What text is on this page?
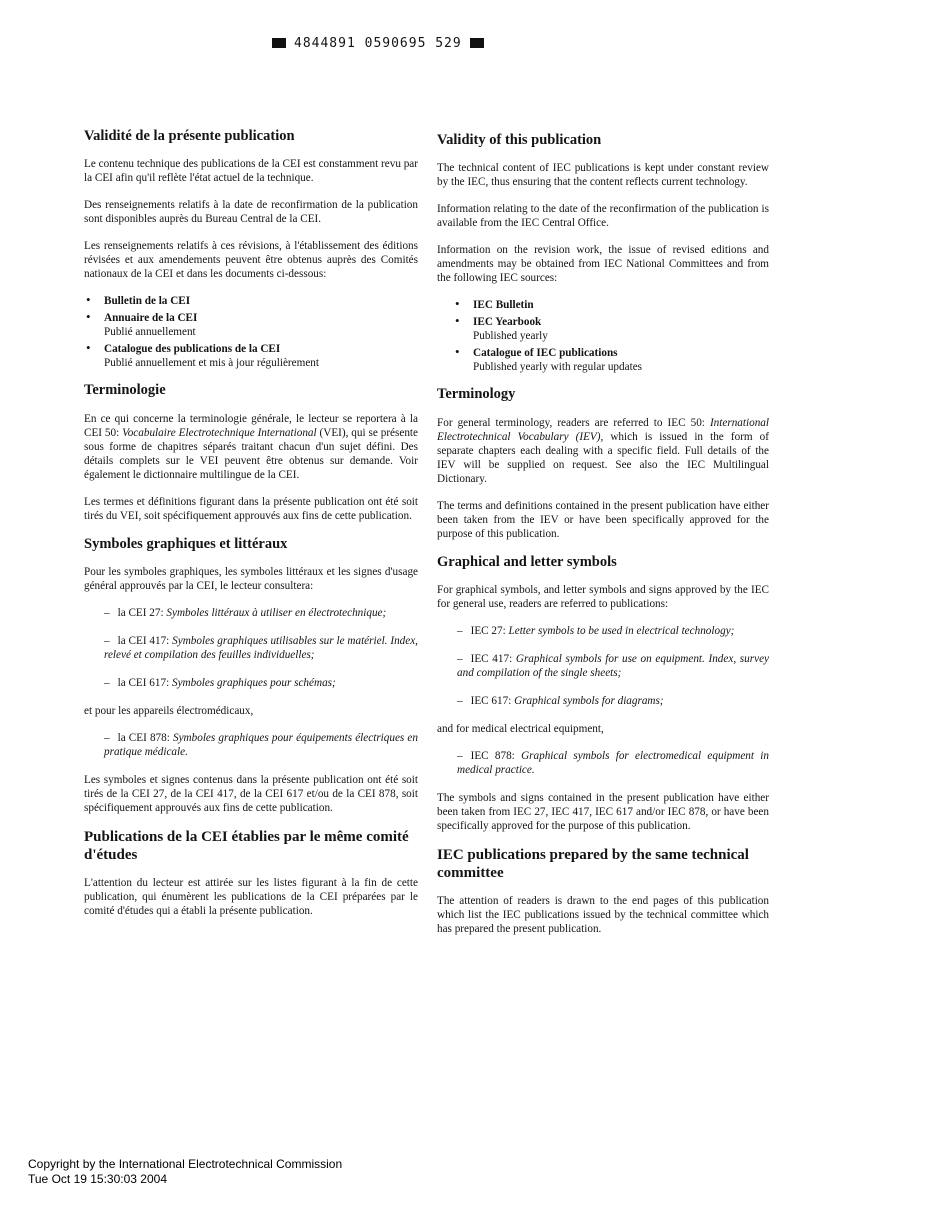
4844891 0590695 529
Validité de la présente publication

Le contenu technique des publications de la CEI est constamment revu par la CEI afin qu'il reflète l'état actuel de la technique.

Des renseignements relatifs à la date de reconfirmation de la publication sont disponibles auprès du Bureau Central de la CEI.

Les renseignements relatifs à ces révisions, à l'établissement des éditions révisées et aux amendements peuvent être obtenus auprès des Comités nationaux de la CEI et dans les documents ci-dessous:

• Bulletin de la CEI
• Annuaire de la CEI
Publié annuellement
• Catalogue des publications de la CEI
Publié annuellement et mis à jour régulièrement
Terminologie

En ce qui concerne la terminologie générale, le lecteur se reportera à la CEI 50: Vocabulaire Electrotechnique International (VEI), qui se présente sous forme de chapitres séparés traitant chacun d'un sujet défini. Des détails complets sur le VEI peuvent être obtenus sur demande. Voir également le dictionnaire multilingue de la CEI.

Les termes et définitions figurant dans la présente publication ont été soit tirés du VEI, soit spécifiquement approuvés aux fins de cette publication.

Symboles graphiques et littéraux

Pour les symboles graphiques, les symboles littéraux et les signes d'usage général approuvés par la CEI, le lecteur consultera:

– la CEI 27: Symboles littéraux à utiliser en électrotechnique;
– la CEI 417: Symboles graphiques utilisables sur le matériel. Index, relevé et compilation des feuilles individuelles;
– la CEI 617: Symboles graphiques pour schémas;

et pour les appareils électromédicaux,

– la CEI 878: Symboles graphiques pour équipements électriques en pratique médicale.

Les symboles et signes contenus dans la présente publication ont été soit tirés de la CEI 27, de la CEI 417, de la CEI 617 et/ou de la CEI 878, soit spécifiquement approuvés aux fins de cette publication.

Publications de la CEI établies par le même comité d'études

L'attention du lecteur est attirée sur les listes figurant à la fin de cette publication, qui énumèrent les publications de la CEI préparées par le comité d'études qui a établi la présente publication.

Validity of this publication

The technical content of IEC publications is kept under constant review by the IEC, thus ensuring that the content reflects current technology.

Information relating to the date of the reconfirmation of the publication is available from the IEC Central Office.

Information on the revision work, the issue of revised editions and amendments may be obtained from IEC National Committees and from the following IEC sources:

• IEC Bulletin
• IEC Yearbook
Published yearly
• Catalogue of IEC publications
Published yearly with regular updates
Terminology

For general terminology, readers are referred to IEC 50: International Electrotechnical Vocabulary (IEV), which is issued in the form of separate chapters each dealing with a specific field. Full details of the IEV will be supplied on request. See also the IEC Multilingual Dictionary.

The terms and definitions contained in the present publication have either been taken from the IEV or have been specifically approved for the purpose of this publication.

Graphical and letter symbols

For graphical symbols, and letter symbols and signs approved by the IEC for general use, readers are referred to publications:

– IEC 27: Letter symbols to be used in electrical technology;
– IEC 417: Graphical symbols for use on equipment. Index, survey and compilation of the single sheets;
– IEC 617: Graphical symbols for diagrams;

and for medical electrical equipment,

– IEC 878: Graphical symbols for electromedical equipment in medical practice.

The symbols and signs contained in the present publication have either been taken from IEC 27, IEC 417, IEC 617 and/or IEC 878, or have been specifically approved for the purpose of this publication.

IEC publications prepared by the same technical committee

The attention of readers is drawn to the end pages of this publication which list the IEC publications issued by the technical committee which has prepared the present publication.

Copyright by the International Electrotechnical Commission
Tue Oct 19 15:30:03 2004
